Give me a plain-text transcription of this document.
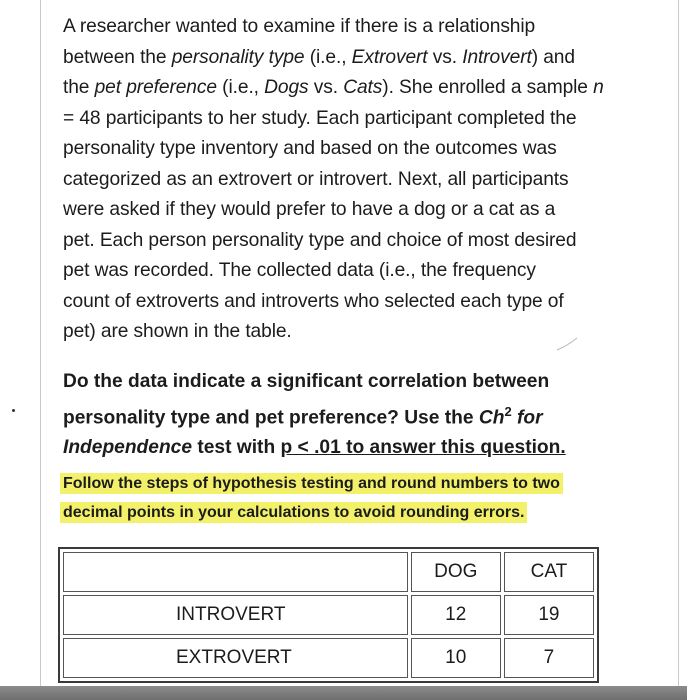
A researcher wanted to examine if there is a relationship
between the personality type (i.e., Extrovert vs. Introvert) and
the pet preference (i.e., Dogs vs. Cats). She enrolled a sample n
= 48 participants to her study. Each participant completed the
personality type inventory and based on the outcomes was
categorized as an extrovert or introvert. Next, all participants
were asked if they would prefer to have a dog or a cat as a
pet. Each person personality type and choice of most desired
pet was recorded. The collected data (i.e., the frequency
count of extroverts and introverts who selected each type of
pet) are shown in the table.
Do the data indicate a significant correlation between
personality type and pet preference? Use the Ch$^2$ for
Independence test with p < .01 to answer this question.
Follow the steps of hypothesis testing and round numbers to two
decimal points in your calculations to avoid rounding errors.
	DOG	CAT
INTROVERT	12	19
EXTROVERT	10	7
